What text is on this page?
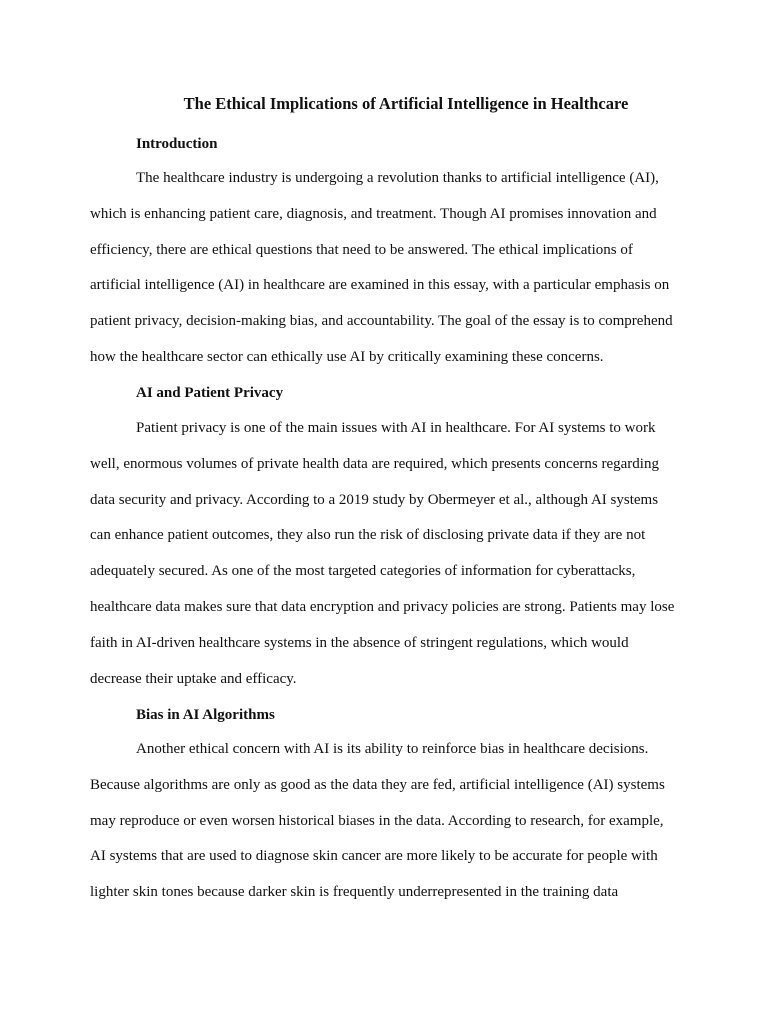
The Ethical Implications of Artificial Intelligence in Healthcare
Introduction
The healthcare industry is undergoing a revolution thanks to artificial intelligence (AI),
which is enhancing patient care, diagnosis, and treatment. Though AI promises innovation and
efficiency, there are ethical questions that need to be answered. The ethical implications of
artificial intelligence (AI) in healthcare are examined in this essay, with a particular emphasis on
patient privacy, decision-making bias, and accountability. The goal of the essay is to comprehend
how the healthcare sector can ethically use AI by critically examining these concerns.
AI and Patient Privacy
Patient privacy is one of the main issues with AI in healthcare. For AI systems to work
well, enormous volumes of private health data are required, which presents concerns regarding
data security and privacy. According to a 2019 study by Obermeyer et al., although AI systems
can enhance patient outcomes, they also run the risk of disclosing private data if they are not
adequately secured. As one of the most targeted categories of information for cyberattacks,
healthcare data makes sure that data encryption and privacy policies are strong. Patients may lose
faith in AI-driven healthcare systems in the absence of stringent regulations, which would
decrease their uptake and efficacy.
Bias in AI Algorithms
Another ethical concern with AI is its ability to reinforce bias in healthcare decisions.
Because algorithms are only as good as the data they are fed, artificial intelligence (AI) systems
may reproduce or even worsen historical biases in the data. According to research, for example,
AI systems that are used to diagnose skin cancer are more likely to be accurate for people with
lighter skin tones because darker skin is frequently underrepresented in the training data
